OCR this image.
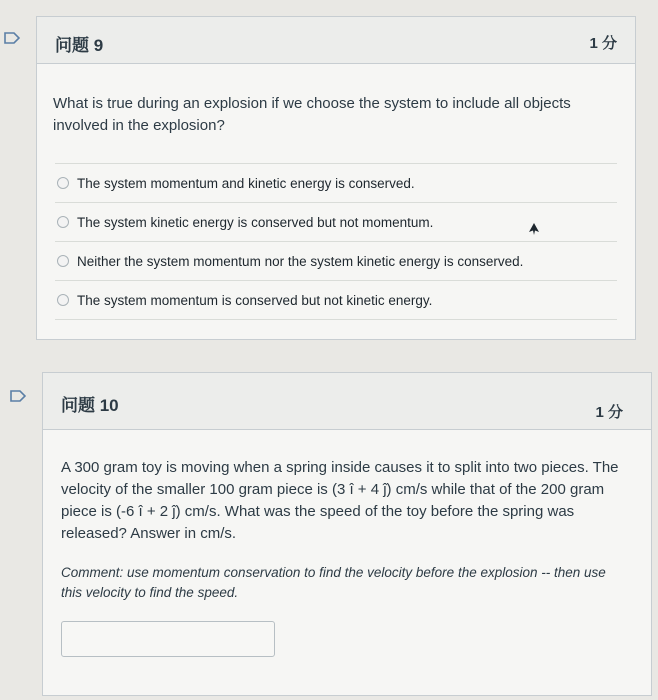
问题 9	1 分
What is true during an explosion if we choose the system to include all objects involved in the explosion?
The system momentum and kinetic energy is conserved.
The system kinetic energy is conserved but not momentum.
Neither the system momentum nor the system kinetic energy is conserved.
The system momentum is conserved but not kinetic energy.
问题 10	1 分
A 300 gram toy is moving when a spring inside causes it to split into two pieces. The velocity of the smaller 100 gram piece is (3 î + 4 ĵ) cm/s while that of the 200 gram piece is (-6 î + 2 ĵ) cm/s. What was the speed of the toy before the spring was released? Answer in cm/s.
Comment: use momentum conservation to find the velocity before the explosion -- then use this velocity to find the speed.
